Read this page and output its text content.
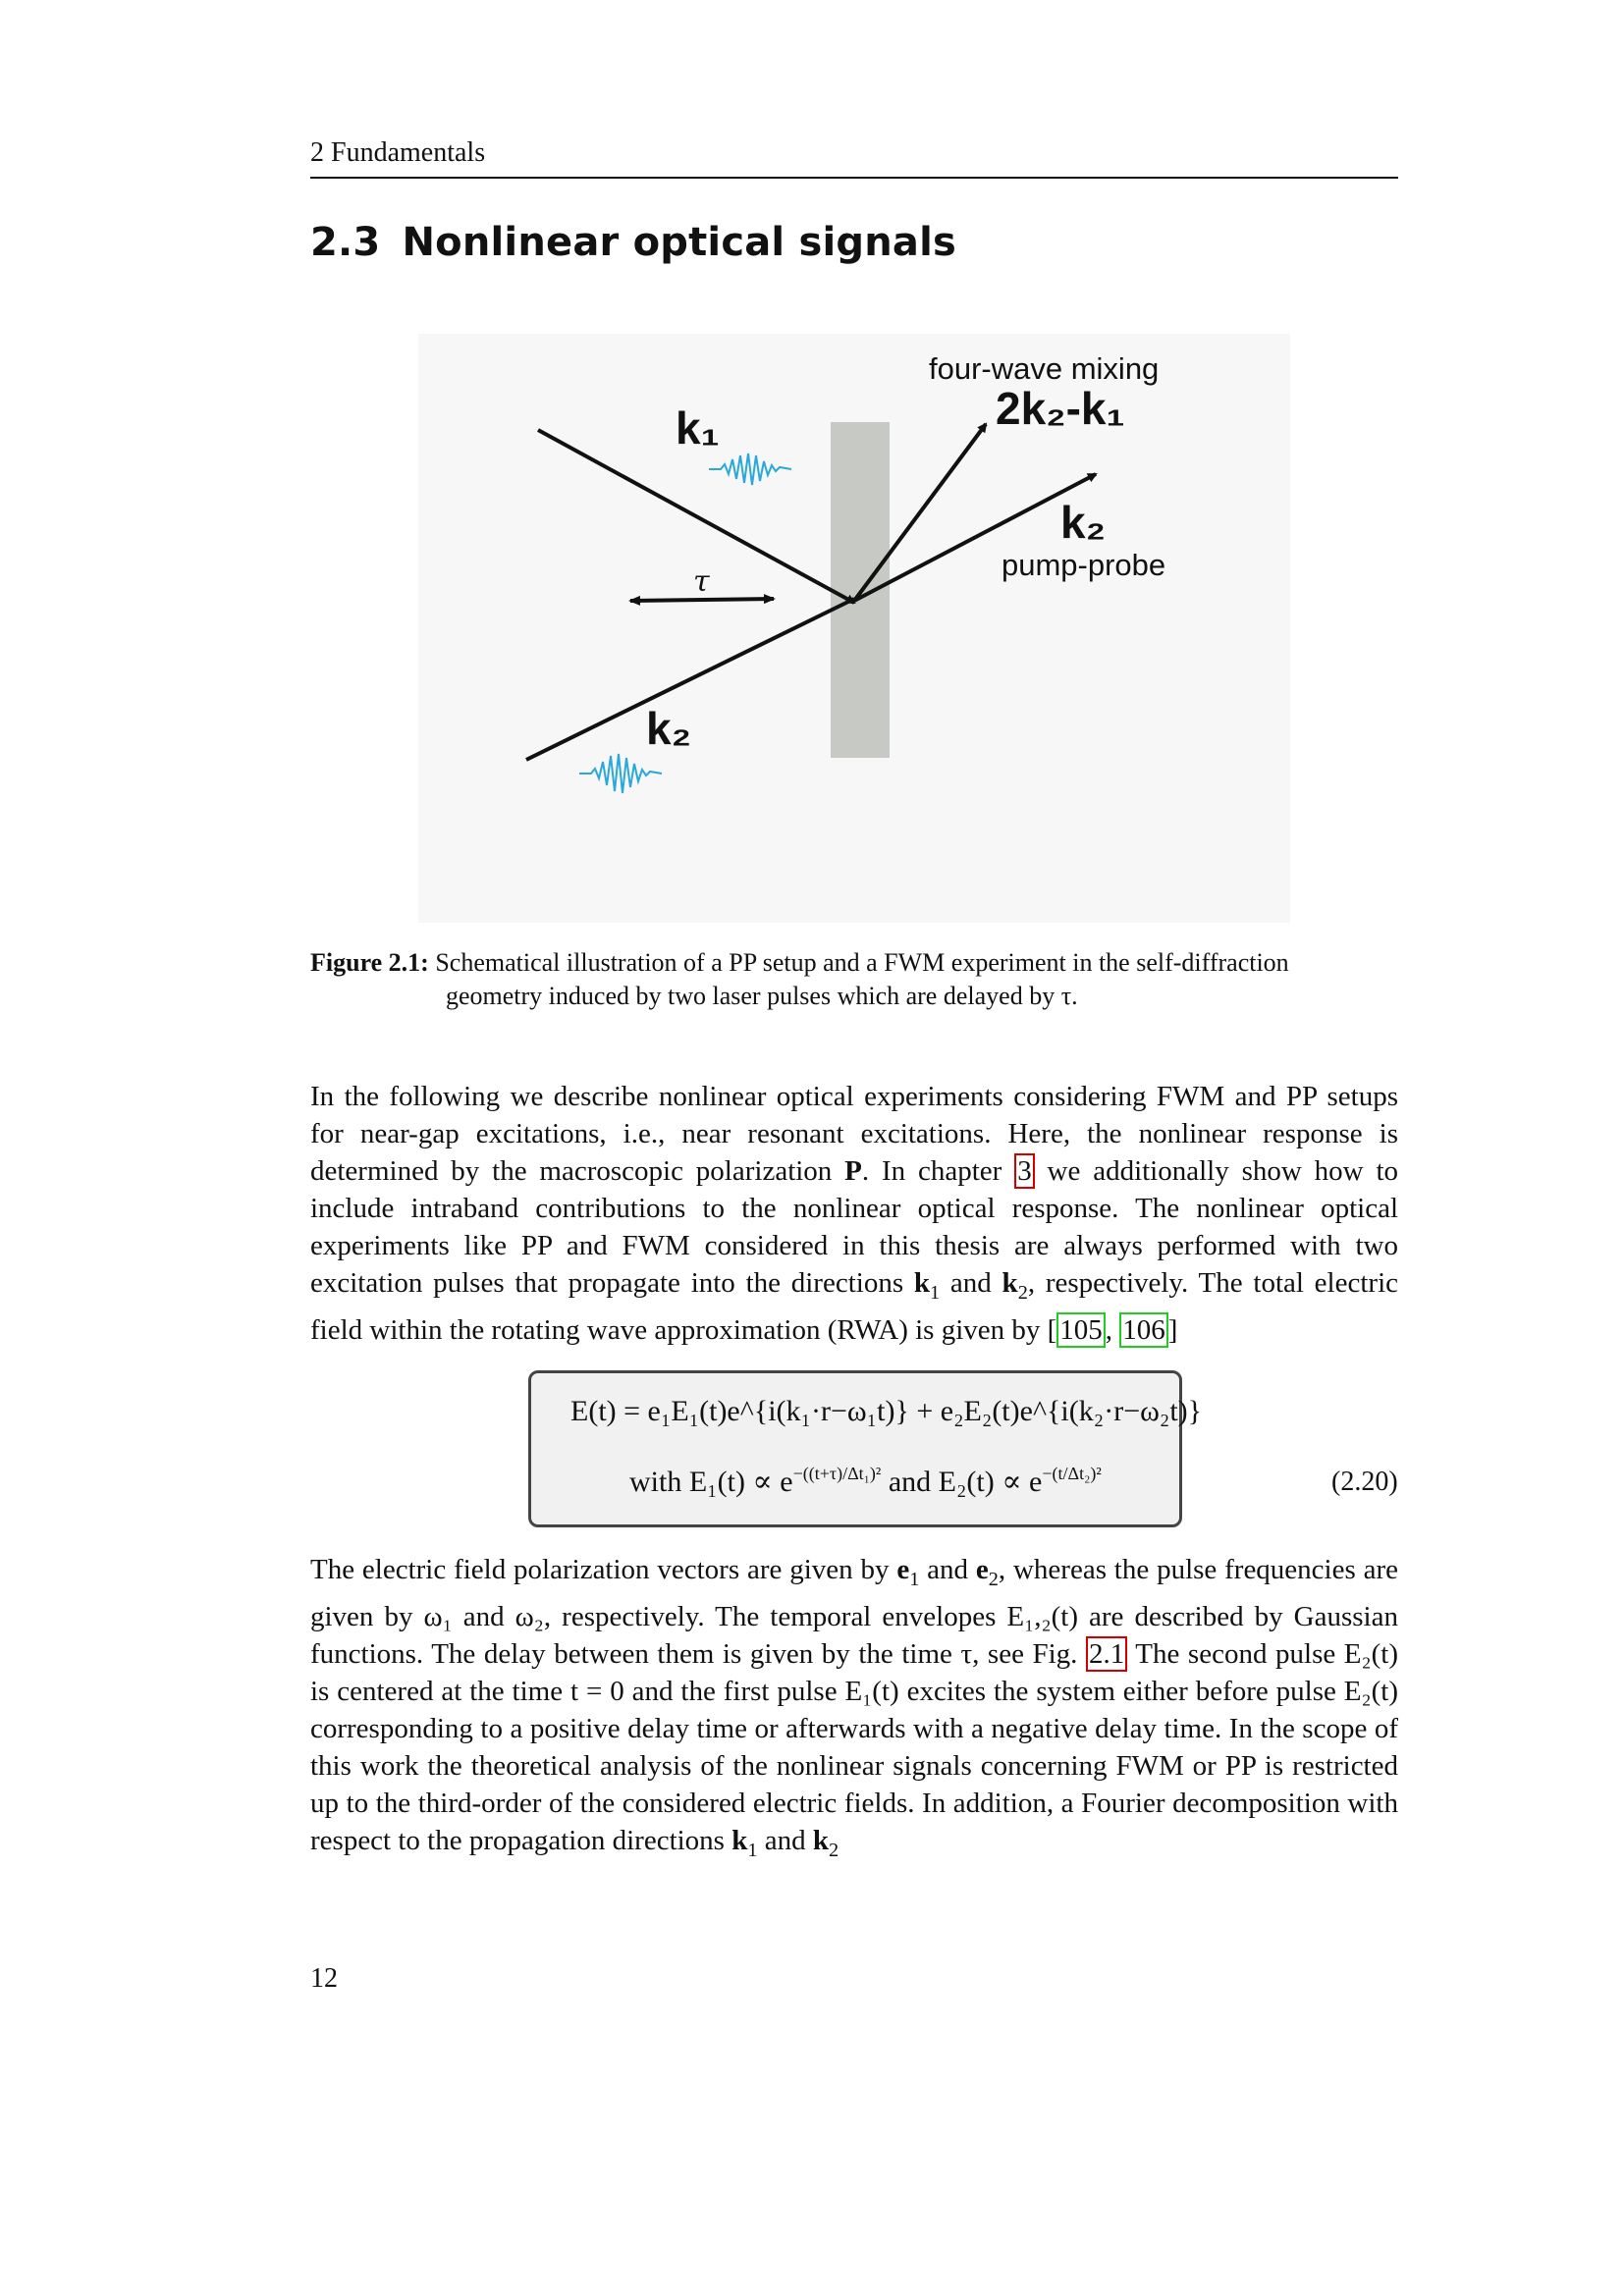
2 Fundamentals
2.3 Nonlinear optical signals
four-wave mixing
2k₂-k₁
k₂
pump-probe
k₁
k₂
τ
Figure 2.1: Schematical illustration of a PP setup and a FWM experiment in the self-diffraction
geometry induced by two laser pulses which are delayed by τ.
In the following we describe nonlinear optical experiments considering FWM and PP setups for near-gap excitations, i.e., near resonant excitations. Here, the nonlinear response is determined by the macroscopic polarization P. In chapter 3 we additionally show how to include intraband contributions to the nonlinear optical response. The nonlinear optical experiments like PP and FWM considered in this thesis are always performed with two excitation pulses that propagate into the directions $k_1$ and $k_2$, respectively. The total electric field within the rotating wave approximation (RWA) is given by [ 105 , 106 ]
E(t) = e₁E₁(t)e^{i(k₁·r−ω₁t)} + e₂E₂(t)e^{i(k₂·r−ω₂t)}
with $E_1(t) \propto e^{-((t+\tau)/\Delta t_1)^2}$ and $E_2(t) \propto e^{-(t/\Delta t_2)^2}$	(2.20)
The electric field polarization vectors are given by $e_1$ and $e_2$, whereas the pulse frequencies are given by ω₁ and ω₂, respectively. The temporal envelopes E₁,₂(t) are described by Gaussian functions. The delay between them is given by the time τ, see Fig. 2.1 The second pulse E₂(t) is centered at the time t = 0 and the first pulse E₁(t) excites the system either before pulse E₂(t) corresponding to a positive delay time or afterwards with a negative delay time. In the scope of this work the theoretical analysis of the nonlinear signals concerning FWM or PP is restricted up to the third-order of the considered electric fields. In addition, a Fourier decomposition with respect to the propagation directions $k_1$ and $k_2$
12
